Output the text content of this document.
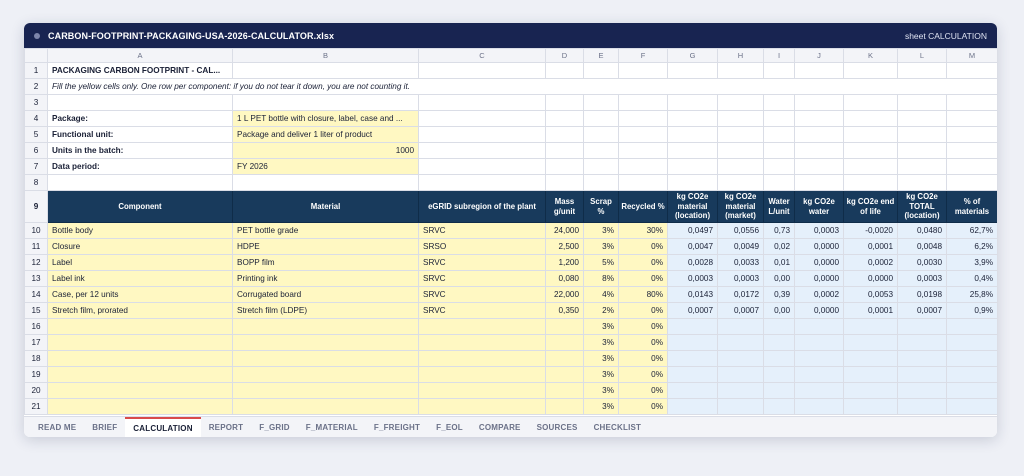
CARBON-FOOTPRINT-PACKAGING-USA-2026-CALCULATOR.xlsx	sheet CALCULATION
	A	B	C	D	E	F	G	H	I	J	K	L	M
1	PACKAGING CARBON FOOTPRINT - CAL...												
2	Fill the yellow cells only. One row per component: if you do not tear it down, you are not counting it.												
3													
4	Package:	1 L PET bottle with closure, label, case and ...											
5	Functional unit:	Package and deliver 1 liter of product											
6	Units in the batch:	1000											
7	Data period:	FY 2026											
8													
9	Component	Material	eGRID subregion of the plant	Mass g/unit	Scrap %	Recycled %	kg CO2e material (location)	kg CO2e material (market)	Water L/unit	kg CO2e water	kg CO2e end of life	kg CO2e TOTAL (location)	% of materials
10	Bottle body	PET bottle grade	SRVC	24,000	3%	30%	0,0497	0,0556	0,73	0,0003	-0,0020	0,0480	62,7%
11	Closure	HDPE	SRSO	2,500	3%	0%	0,0047	0,0049	0,02	0,0000	0,0001	0,0048	6,2%
12	Label	BOPP film	SRVC	1,200	5%	0%	0,0028	0,0033	0,01	0,0000	0,0002	0,0030	3,9%
13	Label ink	Printing ink	SRVC	0,080	8%	0%	0,0003	0,0003	0,00	0,0000	0,0000	0,0003	0,4%
14	Case, per 12 units	Corrugated board	SRVC	22,000	4%	80%	0,0143	0,0172	0,39	0,0002	0,0053	0,0198	25,8%
15	Stretch film, prorated	Stretch film (LDPE)	SRVC	0,350	2%	0%	0,0007	0,0007	0,00	0,0000	0,0001	0,0007	0,9%
16					3%	0%							
17					3%	0%							
18					3%	0%							
19					3%	0%							
20					3%	0%							
21					3%	0%							
READ ME	BRIEF	CALCULATION	REPORT	F_GRID	F_MATERIAL	F_FREIGHT	F_EOL	COMPARE	SOURCES	CHECKLIST
